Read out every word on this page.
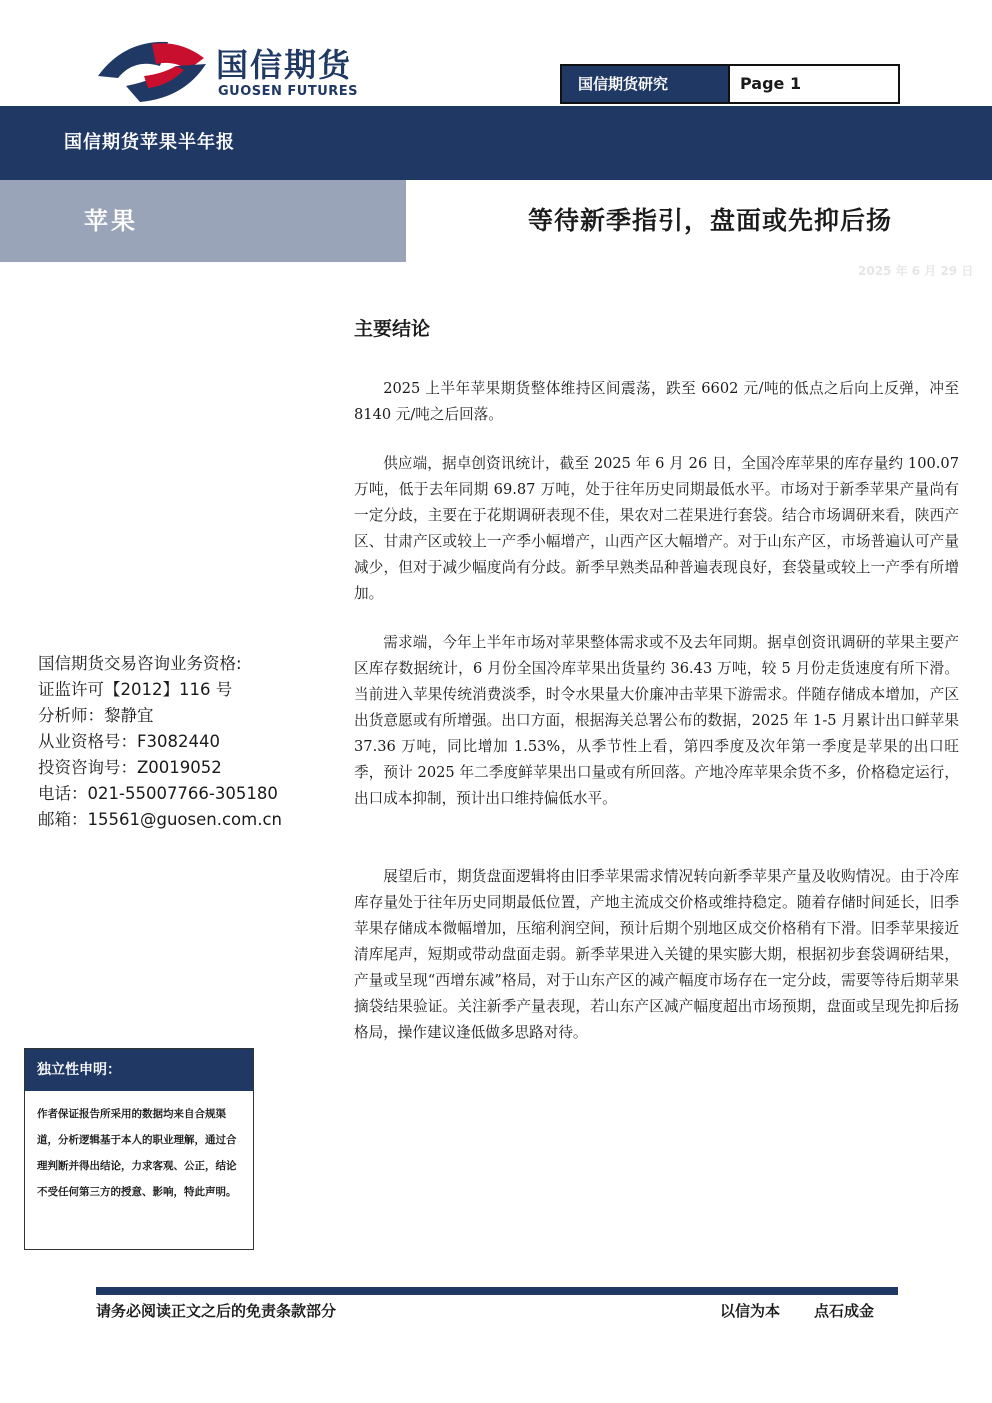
国信期货
GUOSEN FUTURES	国信期货研究	Page 1
国信期货苹果半年报
苹果	等待新季指引，盘面或先抑后扬
2025 年 6 月 29 日
主要结论

2025 上半年苹果期货整体维持区间震荡，跌至 6602 元/吨的低点之后向上反弹，冲至 8140 元/吨之后回落。

供应端，据卓创资讯统计，截至 2025 年 6 月 26 日，全国冷库苹果的库存量约 100.07 万吨，低于去年同期 69.87 万吨，处于往年历史同期最低水平。市场对于新季苹果产量尚有一定分歧，主要在于花期调研表现不佳，果农对二茬果进行套袋。结合市场调研来看，陕西产区、甘肃产区或较上一产季小幅增产，山西产区大幅增产。对于山东产区，市场普遍认可产量减少，但对于减少幅度尚有分歧。新季早熟类品种普遍表现良好，套袋量或较上一产季有所增加。

需求端，今年上半年市场对苹果整体需求或不及去年同期。据卓创资讯调研的苹果主要产区库存数据统计，6 月份全国冷库苹果出货量约 36.43 万吨，较 5 月份走货速度有所下滑。当前进入苹果传统消费淡季，时令水果量大价廉冲击苹果下游需求。伴随存储成本增加，产区出货意愿或有所增强。出口方面，根据海关总署公布的数据，2025 年 1-5 月累计出口鲜苹果 37.36 万吨，同比增加 1.53%，从季节性上看，第四季度及次年第一季度是苹果的出口旺季，预计 2025 年二季度鲜苹果出口量或有所回落。产地冷库苹果余货不多，价格稳定运行，出口成本抑制，预计出口维持偏低水平。

展望后市，期货盘面逻辑将由旧季苹果需求情况转向新季苹果产量及收购情况。由于冷库库存量处于往年历史同期最低位置，产地主流成交价格或维持稳定。随着存储时间延长，旧季苹果存储成本微幅增加，压缩利润空间，预计后期个别地区成交价格稍有下滑。旧季苹果接近清库尾声，短期或带动盘面走弱。新季苹果进入关键的果实膨大期，根据初步套袋调研结果，产量或呈现“西增东减”格局，对于山东产区的减产幅度市场存在一定分歧，需要等待后期苹果摘袋结果验证。关注新季产量表现，若山东产区减产幅度超出市场预期，盘面或呈现先抑后扬格局，操作建议逢低做多思路对待。

国信期货交易咨询业务资格:
证监许可【2012】116 号
分析师：黎静宜
从业资格号：F3082440
投资咨询号：Z0019052
电话：021-55007766-305180
邮箱：15561@guosen.com.cn
独立性申明：
作者保证报告所采用的数据均来自合规渠道，分析逻辑基于本人的职业理解，通过合理判断并得出结论，力求客观、公正，结论不受任何第三方的授意、影响，特此声明。
请务必阅读正文之后的免责条款部分	以信为本 点石成金
